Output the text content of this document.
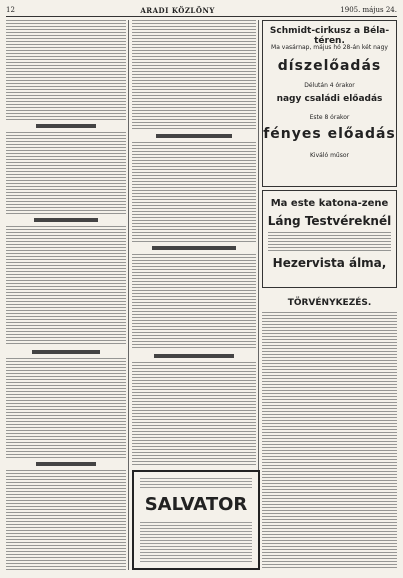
12	ARADI KÖZLÖNY	1905. május 24.
SALVATOR
Schmidt-cirkusz a Béla-téren.
Ma vasárnap, május hó 28-án két nagy
díszelőadás
Délután 4 órakor
nagy családi előadás
Este 8 órakor
fényes előadás
Kiváló műsor
Ma este katona-zene
Láng Testvéreknél
Hezervista álma,
TÖRVÉNYKEZÉS.
